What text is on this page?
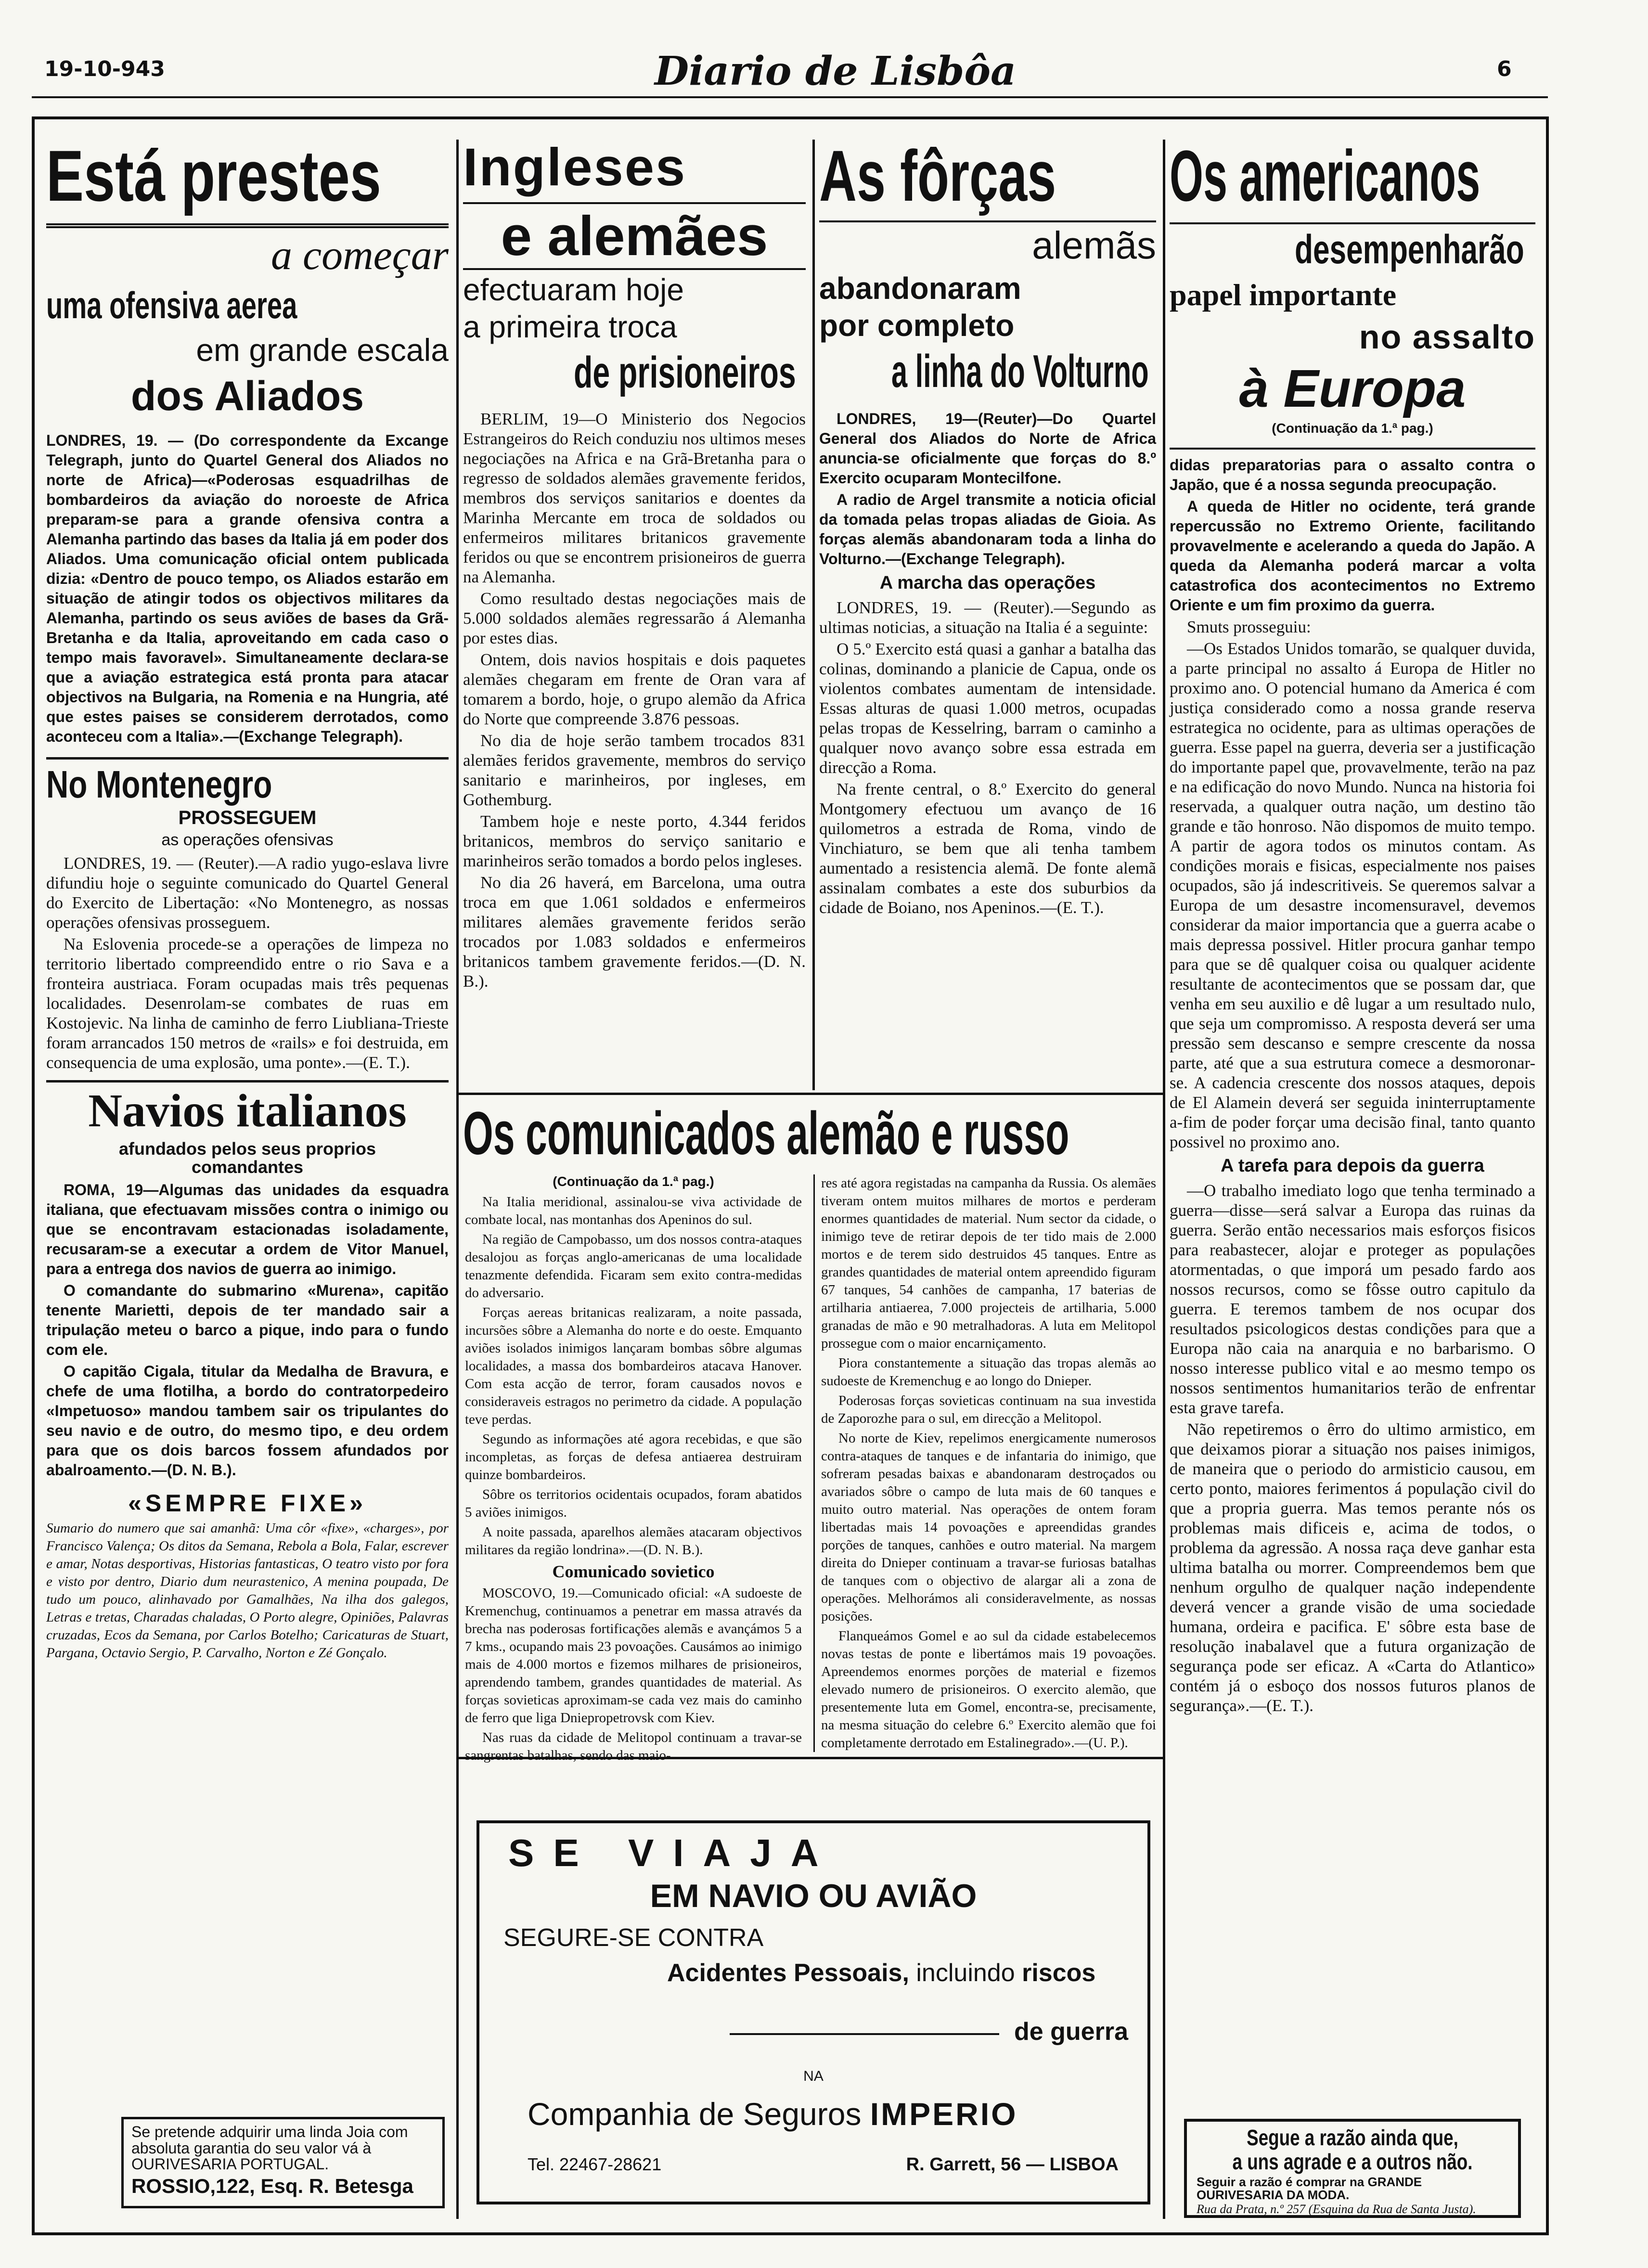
19-10-943	Diario de Lisbôa	6
Está prestes
a começar
uma ofensiva aerea
em grande escala
dos Aliados
LONDRES, 19. — (Do correspondente da Excange Telegraph, junto do Quartel General dos Aliados no norte de Africa)—«Poderosas esquadrilhas de bombardeiros da aviação do noroeste de Africa preparam-se para a grande ofensiva contra a Alemanha partindo das bases da Italia já em poder dos Aliados. Uma comunicação oficial ontem publicada dizia: «Dentro de pouco tempo, os Aliados estarão em situação de atingir todos os objectivos militares da Alemanha, partindo os seus aviões de bases da Grã-Bretanha e da Italia, aproveitando em cada caso o tempo mais favoravel». Simultaneamente declara-se que a aviação estrategica está pronta para atacar objectivos na Bulgaria, na Romenia e na Hungria, até que estes paises se considerem derrotados, como aconteceu com a Italia».—(Exchange Telegraph).
No Montenegro
PROSSEGUEM
as operações ofensivas

LONDRES, 19. — (Reuter).—A radio yugo-eslava livre difundiu hoje o seguinte comunicado do Quartel General do Exercito de Libertação: «No Montenegro, as nossas operações ofensivas prosseguem.

Na Eslovenia procede-se a operações de limpeza no territorio libertado compreendido entre o rio Sava e a fronteira austriaca. Foram ocupadas mais três pequenas localidades. Desenrolam-se combates de ruas em Kostojevic. Na linha de caminho de ferro Liubliana-Trieste foram arrancados 150 metros de «rails» e foi destruida, em consequencia de uma explosão, uma ponte».—(E. T.).

Navios italianos
afundados pelos seus proprios comandantes

ROMA, 19—Algumas das unidades da esquadra italiana, que efectuavam missões contra o inimigo ou que se encontravam estacionadas isoladamente, recusaram-se a executar a ordem de Vitor Manuel, para a entrega dos navios de guerra ao inimigo.

O comandante do submarino «Murena», capitão tenente Marietti, depois de ter mandado sair a tripulação meteu o barco a pique, indo para o fundo com ele.

O capitão Cigala, titular da Medalha de Bravura, e chefe de uma flotilha, a bordo do contratorpedeiro «Impetuoso» mandou tambem sair os tripulantes do seu navio e de outro, do mesmo tipo, e deu ordem para que os dois barcos fossem afundados por abalroamento.—(D. N. B.).

«SEMPRE FIXE»
Sumario do numero que sai amanhã: Uma côr «fixe», «charges», por Francisco Valença; Os ditos da Semana, Rebola a Bola, Falar, escrever e amar, Notas desportivas, Historias fantasticas, O teatro visto por fora e visto por dentro, Diario dum neurastenico, A menina poupada, De tudo um pouco, alinhavado por Gamalhães, Na ilha dos galegos, Letras e tretas, Charadas chaladas, O Porto alegre, Opiniões, Palavras cruzadas, Ecos da Semana, por Carlos Botelho; Caricaturas de Stuart, Pargana, Octavio Sergio, P. Carvalho, Norton e Zé Gonçalo.
Se pretende adquirir uma linda Joia com absoluta garantia do seu valor vá à OURIVESARIA PORTUGAL.
ROSSIO,122, Esq. R. Betesga
Ingleses
e alemães
efectuaram hoje
a primeira troca
de prisioneiros

BERLIM, 19—O Ministerio dos Negocios Estrangeiros do Reich conduziu nos ultimos meses negociações na Africa e na Grã-Bretanha para o regresso de soldados alemães gravemente feridos, membros dos serviços sanitarios e doentes da Marinha Mercante em troca de soldados ou enfermeiros militares britanicos gravemente feridos ou que se encontrem prisioneiros de guerra na Alemanha.

Como resultado destas negociações mais de 5.000 soldados alemães regressarão á Alemanha por estes dias.

Ontem, dois navios hospitais e dois paquetes alemães chegaram em frente de Oran vara af tomarem a bordo, hoje, o grupo alemão da Africa do Norte que compreende 3.876 pessoas.

No dia de hoje serão tambem trocados 831 alemães feridos gravemente, membros do serviço sanitario e marinheiros, por ingleses, em Gothemburg.

Tambem hoje e neste porto, 4.344 feridos britanicos, membros do serviço sanitario e marinheiros serão tomados a bordo pelos ingleses.

No dia 26 haverá, em Barcelona, uma outra troca em que 1.061 soldados e enfermeiros militares alemães gravemente feridos serão trocados por 1.083 soldados e enfermeiros britanicos tambem gravemente feridos.—(D. N. B.).

As fôrças
alemãs
abandonaram
por completo
a linha do Volturno

LONDRES, 19—(Reuter)—Do Quartel General dos Aliados do Norte de Africa anuncia-se oficialmente que forças do 8.º Exercito ocuparam Montecilfone.

A radio de Argel transmite a noticia oficial da tomada pelas tropas aliadas de Gioia. As forças alemãs abandonaram toda a linha do Volturno.—(Exchange Telegraph).

A marcha das operações

LONDRES, 19. — (Reuter).—Segundo as ultimas noticias, a situação na Italia é a seguinte:

O 5.º Exercito está quasi a ganhar a batalha das colinas, dominando a planicie de Capua, onde os violentos combates aumentam de intensidade. Essas alturas de quasi 1.000 metros, ocupadas pelas tropas de Kesselring, barram o caminho a qualquer novo avanço sobre essa estrada em direcção a Roma.

Na frente central, o 8.º Exercito do general Montgomery efectuou um avanço de 16 quilometros a estrada de Roma, vindo de Vinchiaturo, se bem que ali tenha tambem aumentado a resistencia alemã. De fonte alemã assinalam combates a este dos suburbios da cidade de Boiano, nos Apeninos.—(E. T.).

Os comunicados alemão e russo
(Continuação da 1.ª pag.)

Na Italia meridional, assinalou-se viva actividade de combate local, nas montanhas dos Apeninos do sul.

Na região de Campobasso, um dos nossos contra-ataques desalojou as forças anglo-americanas de uma localidade tenazmente defendida. Ficaram sem exito contra-medidas do adversario.

Forças aereas britanicas realizaram, a noite passada, incursões sôbre a Alemanha do norte e do oeste. Emquanto aviões isolados inimigos lançaram bombas sôbre algumas localidades, a massa dos bombardeiros atacava Hanover. Com esta acção de terror, foram causados novos e consideraveis estragos no perimetro da cidade. A população teve perdas.

Segundo as informações até agora recebidas, e que são incompletas, as forças de defesa antiaerea destruiram quinze bombardeiros.

Sôbre os territorios ocidentais ocupados, foram abatidos 5 aviões inimigos.

A noite passada, aparelhos alemães atacaram objectivos militares da região londrina».—(D. N. B.).

Comunicado sovietico

MOSCOVO, 19.—Comunicado oficial: «A sudoeste de Kremenchug, continuamos a penetrar em massa através da brecha nas poderosas fortificações alemãs e avançámos 5 a 7 kms., ocupando mais 23 povoações. Causámos ao inimigo mais de 4.000 mortos e fizemos milhares de prisioneiros, aprendendo tambem, grandes quantidades de material. As forças sovieticas aproximam-se cada vez mais do caminho de ferro que liga Dniepropetrovsk com Kiev.

Nas ruas da cidade de Melitopol continuam a travar-se sangrentas batalhas, sendo das maio-

res até agora registadas na campanha da Russia. Os alemães tiveram ontem muitos milhares de mortos e perderam enormes quantidades de material. Num sector da cidade, o inimigo teve de retirar depois de ter tido mais de 2.000 mortos e de terem sido destruidos 45 tanques. Entre as grandes quantidades de material ontem apreendido figuram 67 tanques, 54 canhões de campanha, 17 baterias de artilharia antiaerea, 7.000 projecteis de artilharia, 5.000 granadas de mão e 90 metralhadoras. A luta em Melitopol prossegue com o maior encarniçamento.

Piora constantemente a situação das tropas alemãs ao sudoeste de Kremenchug e ao longo do Dnieper.

Poderosas forças sovieticas continuam na sua investida de Zaporozhe para o sul, em direcção a Melitopol.

No norte de Kiev, repelimos energicamente numerosos contra-ataques de tanques e de infantaria do inimigo, que sofreram pesadas baixas e abandonaram destroçados ou avariados sôbre o campo de luta mais de 60 tanques e muito outro material. Nas operações de ontem foram libertadas mais 14 povoações e apreendidas grandes porções de tanques, canhões e outro material. Na margem direita do Dnieper continuam a travar-se furiosas batalhas de tanques com o objectivo de alargar ali a zona de operações. Melhorámos ali consideravelmente, as nossas posições.

Flanqueámos Gomel e ao sul da cidade estabelecemos novas testas de ponte e libertámos mais 19 povoações. Apreendemos enormes porções de material e fizemos elevado numero de prisioneiros. O exercito alemão, que presentemente luta em Gomel, encontra-se, precisamente, na mesma situação do celebre 6.º Exercito alemão que foi completamente derrotado em Estalinegrado».—(U. P.).

SE VIAJA
EM NAVIO OU AVIÃO
SEGURE-SE CONTRA
Acidentes Pessoais, incluindo riscos
de guerra
NA
Companhia de Seguros IMPERIO
Tel. 22467-28621	R. Garrett, 56 — LISBOA
Os americanos
desempenharão
papel importante
no assalto
à Europa
(Continuação da 1.ª pag.)

didas preparatorias para o assalto contra o Japão, que é a nossa segunda preocupação.

A queda de Hitler no ocidente, terá grande repercussão no Extremo Oriente, facilitando provavelmente e acelerando a queda do Japão. A queda da Alemanha poderá marcar a volta catastrofica dos acontecimentos no Extremo Oriente e um fim proximo da guerra.

Smuts prosseguiu:

—Os Estados Unidos tomarão, se qualquer duvida, a parte principal no assalto á Europa de Hitler no proximo ano. O potencial humano da America é com justiça considerado como a nossa grande reserva estrategica no ocidente, para as ultimas operações de guerra. Esse papel na guerra, deveria ser a justificação do importante papel que, provavelmente, terão na paz e na edificação do novo Mundo. Nunca na historia foi reservada, a qualquer outra nação, um destino tão grande e tão honroso. Não dispomos de muito tempo. A partir de agora todos os minutos contam. As condições morais e fisicas, especialmente nos paises ocupados, são já indescritiveis. Se queremos salvar a Europa de um desastre incomensuravel, devemos considerar da maior importancia que a guerra acabe o mais depressa possivel. Hitler procura ganhar tempo para que se dê qualquer coisa ou qualquer acidente resultante de acontecimentos que se possam dar, que venha em seu auxilio e dê lugar a um resultado nulo, que seja um compromisso. A resposta deverá ser uma pressão sem descanso e sempre crescente da nossa parte, até que a sua estrutura comece a desmoronar-se. A cadencia crescente dos nossos ataques, depois de El Alamein deverá ser seguida ininterruptamente a-fim de poder forçar uma decisão final, tanto quanto possivel no proximo ano.

A tarefa para depois da guerra

—O trabalho imediato logo que tenha terminado a guerra—disse—será salvar a Europa das ruinas da guerra. Serão então necessarios mais esforços fisicos para reabastecer, alojar e proteger as populações atormentadas, o que imporá um pesado fardo aos nossos recursos, como se fôsse outro capitulo da guerra. E teremos tambem de nos ocupar dos resultados psicologicos destas condições para que a Europa não caia na anarquia e no barbarismo. O nosso interesse publico vital e ao mesmo tempo os nossos sentimentos humanitarios terão de enfrentar esta grave tarefa.

Não repetiremos o êrro do ultimo armistico, em que deixamos piorar a situação nos paises inimigos, de maneira que o periodo do armisticio causou, em certo ponto, maiores ferimentos á população civil do que a propria guerra. Mas temos perante nós os problemas mais dificeis e, acima de todos, o problema da agressão. A nossa raça deve ganhar esta ultima batalha ou morrer. Compreendemos bem que nenhum orgulho de qualquer nação independente deverá vencer a grande visão de uma sociedade humana, ordeira e pacifica. E' sôbre esta base de resolução inabalavel que a futura organização de segurança pode ser eficaz. A «Carta do Atlantico» contém já o esboço dos nossos futuros planos de segurança».—(E. T.).

Segue a razão ainda que,
a uns agrade e a outros não.
Seguir a razão é comprar na GRANDE OURIVESARIA DA MODA.
Rua da Prata, n.º 257 (Esquina da Rua de Santa Justa).
